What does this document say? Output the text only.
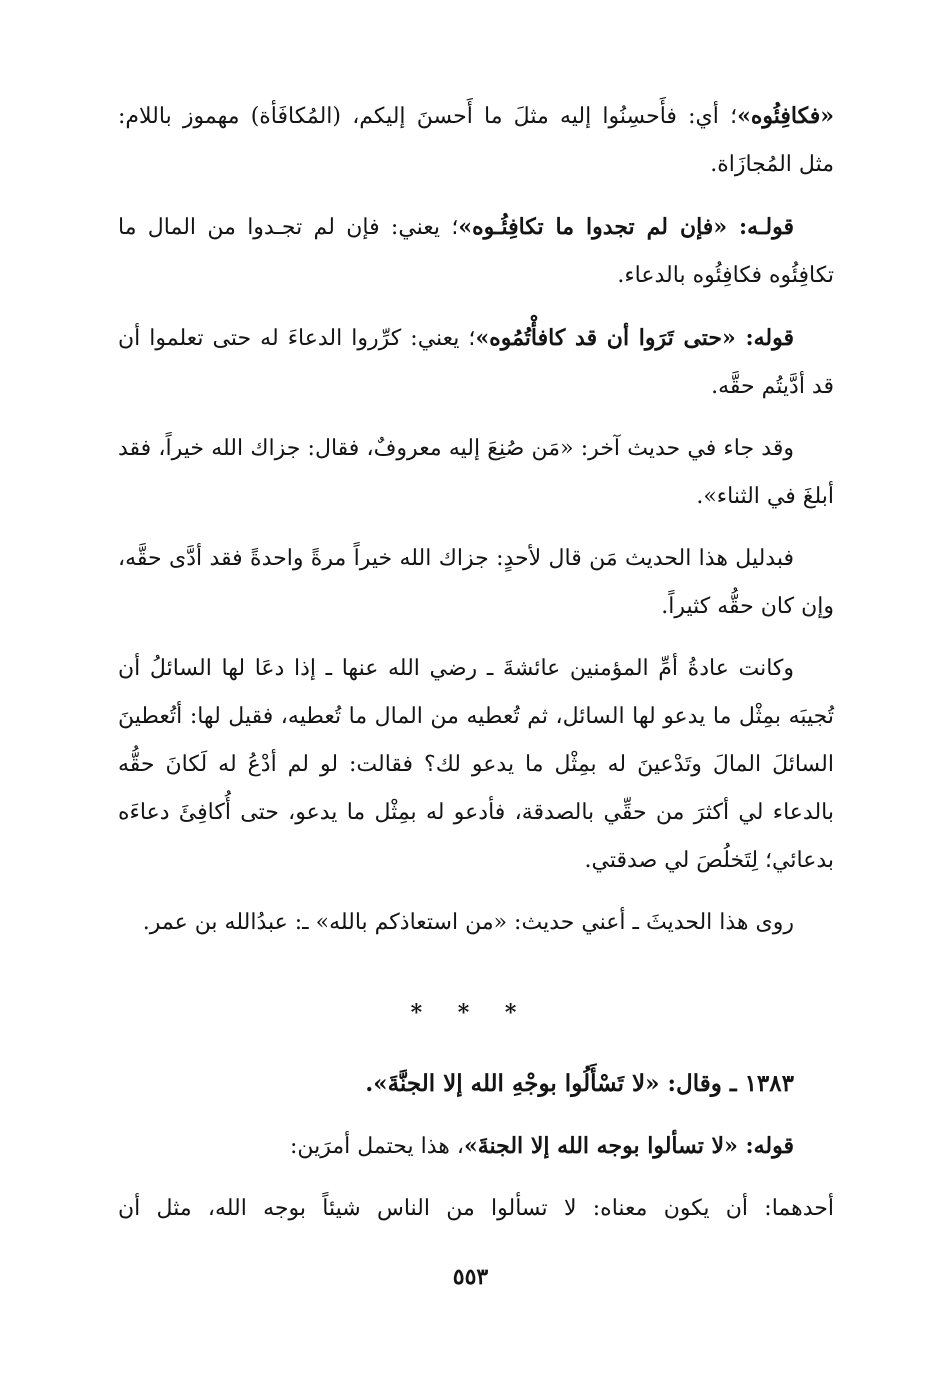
«فكافِئُوه»؛ أي: فأَحسِنُوا إليه مثلَ ما أَحسنَ إليكم، (المُكافَأة) مهموز باللام: مثل المُجازَاة.

قولـه: «فإن لم تجدوا ما تكافِئُـوه»؛ يعني: فإن لم تجـدوا من المال ما تكافِئُوه فكافِئُوه بالدعاء.

قوله: «حتى تَرَوا أن قد كافأْتُمُوه»؛ يعني: كرِّروا الدعاءَ له حتى تعلموا أن قد أدَّيتُم حقَّه.

وقد جاء في حديث آخر: «مَن صُنِعَ إليه معروفٌ، فقال: جزاك الله خيراً، فقد أبلغَ في الثناء».

فبدليل هذا الحديث مَن قال لأحدٍ: جزاك الله خيراً مرةً واحدةً فقد أدَّى حقَّه، وإن كان حقُّه كثيراً.

وكانت عادةُ أمِّ المؤمنين عائشةَ ـ رضي الله عنها ـ إذا دعَا لها السائلُ أن تُجيبَه بمِثْل ما يدعو لها السائل، ثم تُعطيه من المال ما تُعطيه، فقيل لها: أتُعطينَ السائلَ المالَ وتَدْعينَ له بمِثْل ما يدعو لك؟ فقالت: لو لم أدْعُ له لَكانَ حقُّه بالدعاء لي أكثرَ من حقِّي بالصدقة، فأدعو له بمِثْل ما يدعو، حتى أُكافِئَ دعاءَه بدعائي؛ لِتَخلُصَ لي صدقتي.

روى هذا الحديثَ ـ أعني حديث: «من استعاذكم بالله» ـ: عبدُالله بن عمر.

* * *

١٣٨٣ ـ وقال: «لا تَسْأَلُوا بوجْهِ الله إلا الجنَّةَ».

قوله: «لا تسألوا بوجه الله إلا الجنةَ»، هذا يحتمل أمرَين:

أحدهما: أن يكون معناه: لا تسألوا من الناس شيئاً بوجه الله، مثل أن

٥٥٣
